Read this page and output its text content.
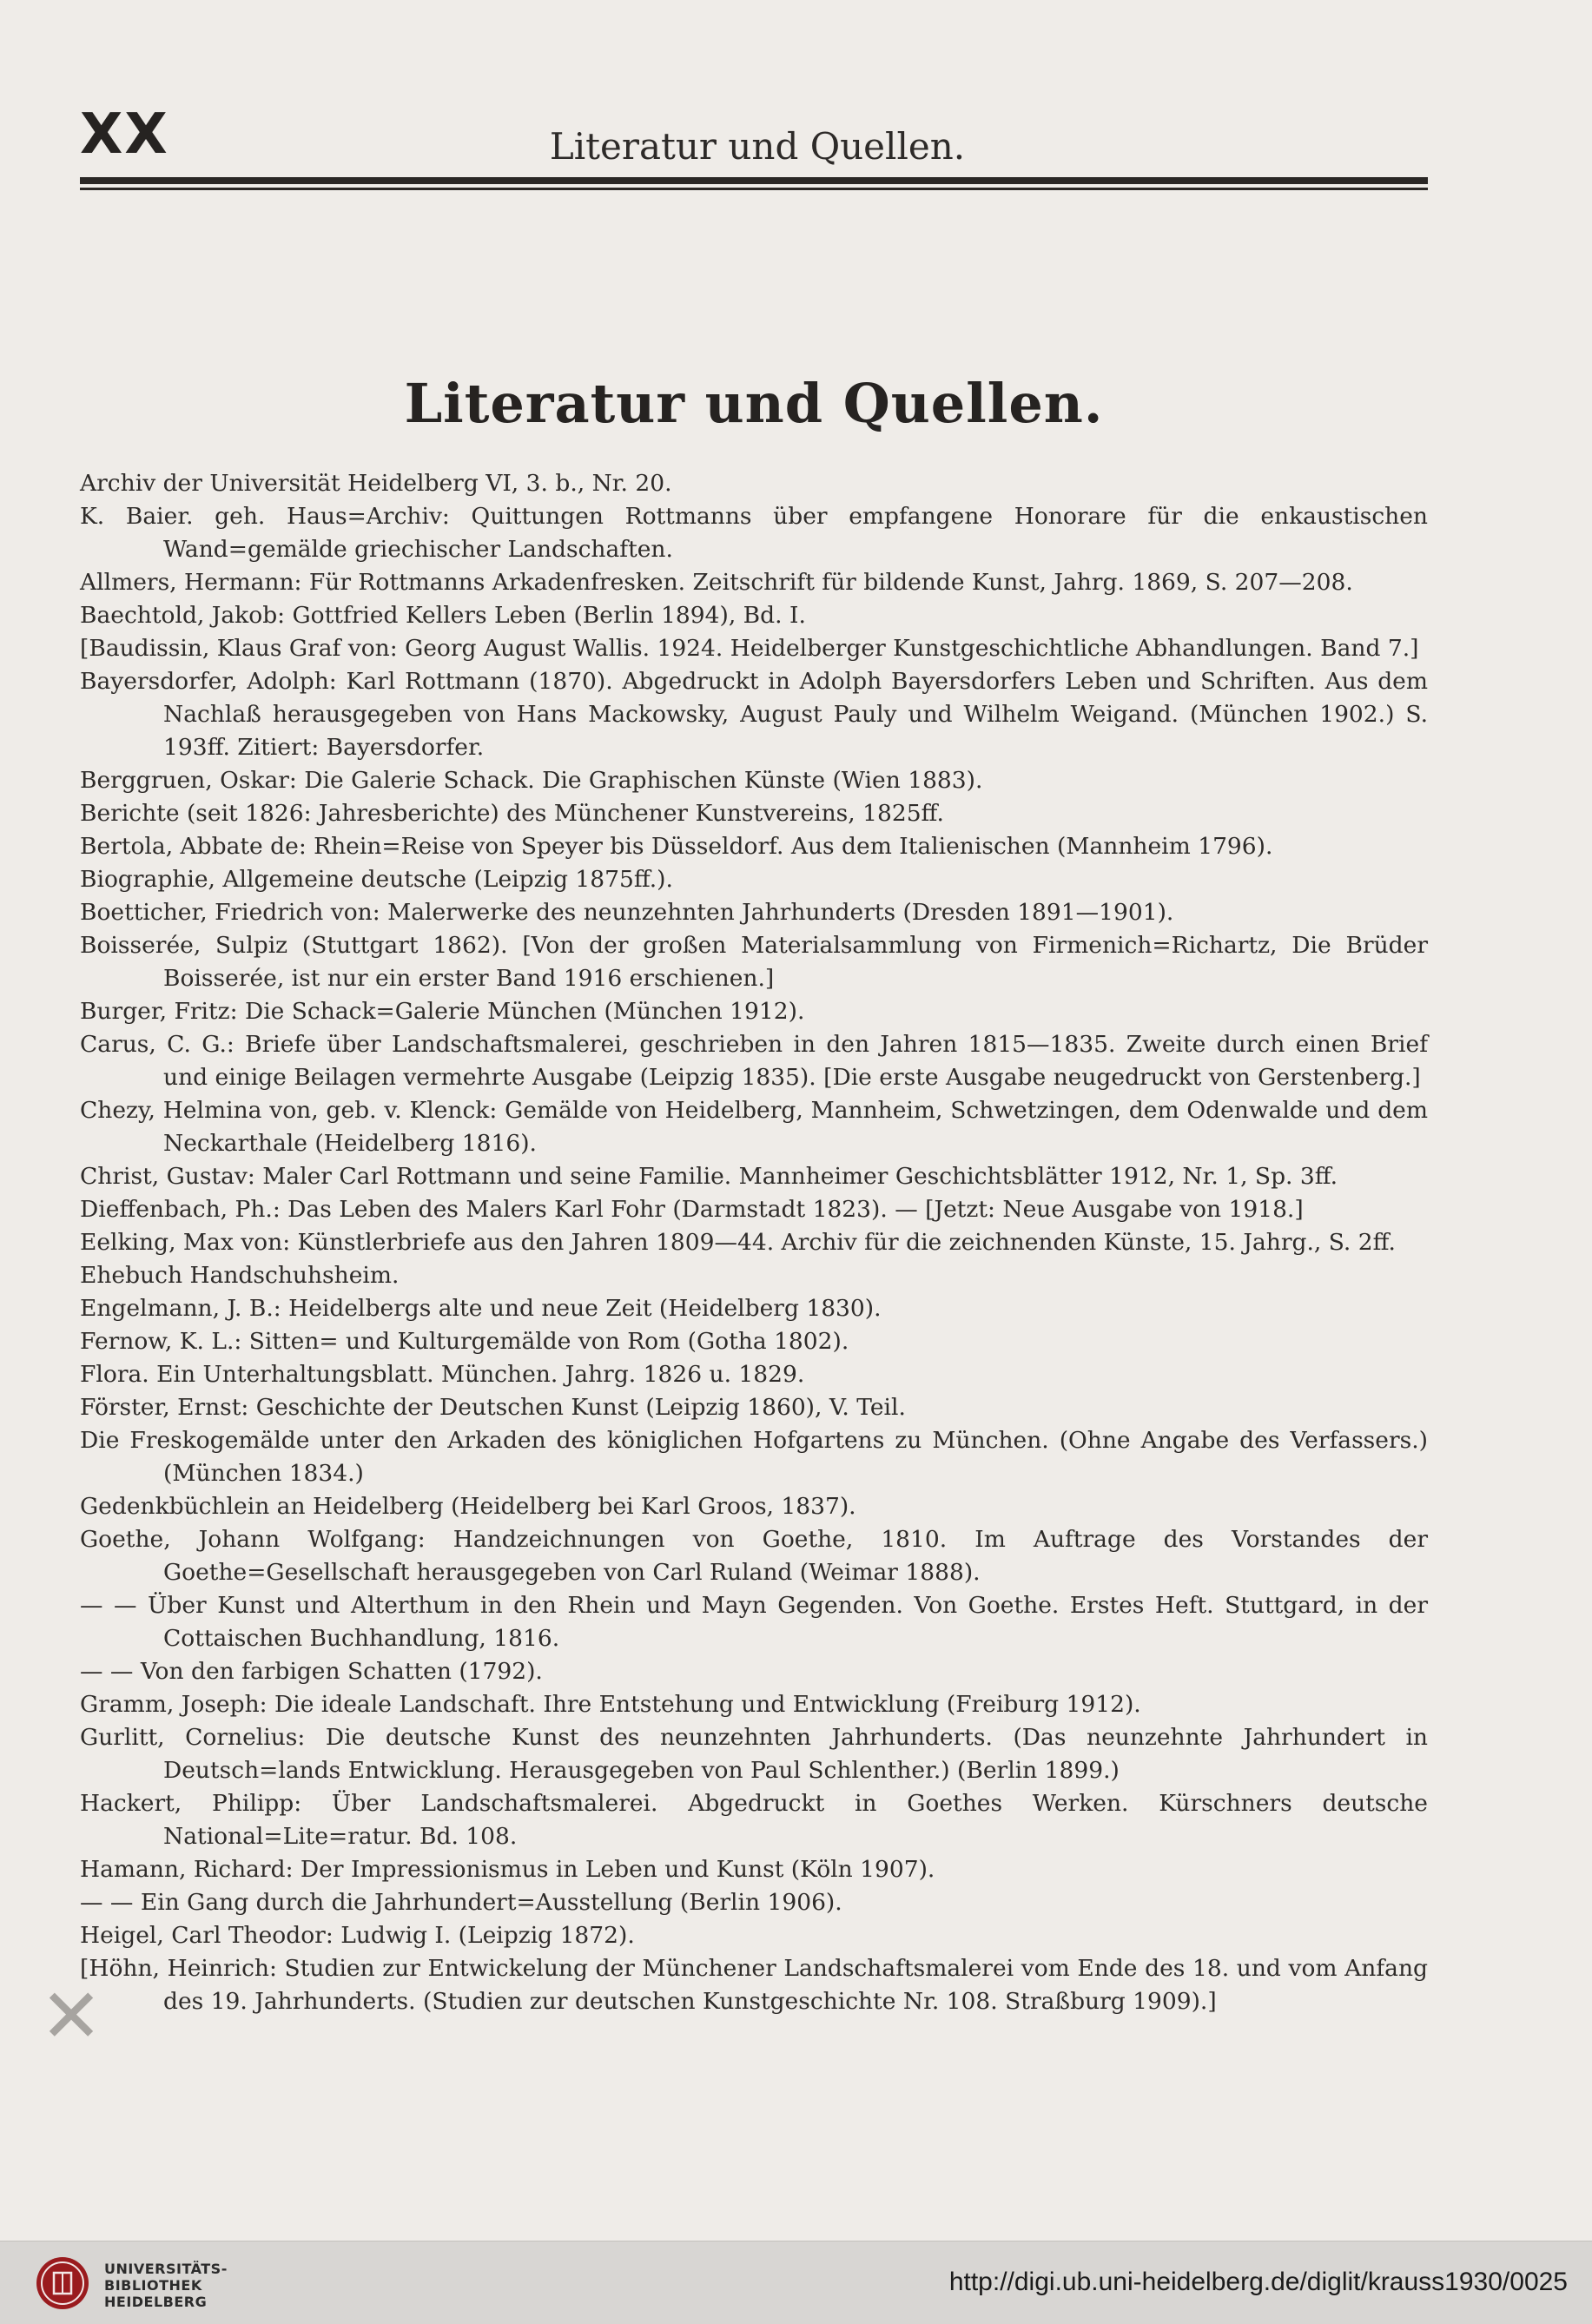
XX	Literatur und Quellen.
Literatur und Quellen.

Archiv der Universität Heidelberg VI, 3. b., Nr. 20.

K. Baier. geh. Haus=Archiv: Quittungen Rottmanns über empfangene Honorare für die enkaustischen Wand=gemälde griechischer Landschaften.

Allmers, Hermann: Für Rottmanns Arkadenfresken. Zeitschrift für bildende Kunst, Jahrg. 1869, S. 207—208.

Baechtold, Jakob: Gottfried Kellers Leben (Berlin 1894), Bd. I.

[Baudissin, Klaus Graf von: Georg August Wallis. 1924. Heidelberger Kunstgeschichtliche Abhandlungen. Band 7.]

Bayersdorfer, Adolph: Karl Rottmann (1870). Abgedruckt in Adolph Bayersdorfers Leben und Schriften. Aus dem Nachlaß herausgegeben von Hans Mackowsky, August Pauly und Wilhelm Weigand. (München 1902.) S. 193ff. Zitiert: Bayersdorfer.

Berggruen, Oskar: Die Galerie Schack. Die Graphischen Künste (Wien 1883).

Berichte (seit 1826: Jahresberichte) des Münchener Kunstvereins, 1825ff.

Bertola, Abbate de: Rhein=Reise von Speyer bis Düsseldorf. Aus dem Italienischen (Mannheim 1796).

Biographie, Allgemeine deutsche (Leipzig 1875ff.).

Boetticher, Friedrich von: Malerwerke des neunzehnten Jahrhunderts (Dresden 1891—1901).

Boisserée, Sulpiz (Stuttgart 1862). [Von der großen Materialsammlung von Firmenich=Richartz, Die Brüder Boisserée, ist nur ein erster Band 1916 erschienen.]

Burger, Fritz: Die Schack=Galerie München (München 1912).

Carus, C. G.: Briefe über Landschaftsmalerei, geschrieben in den Jahren 1815—1835. Zweite durch einen Brief und einige Beilagen vermehrte Ausgabe (Leipzig 1835). [Die erste Ausgabe neugedruckt von Gerstenberg.]

Chezy, Helmina von, geb. v. Klenck: Gemälde von Heidelberg, Mannheim, Schwetzingen, dem Odenwalde und dem Neckarthale (Heidelberg 1816).

Christ, Gustav: Maler Carl Rottmann und seine Familie. Mannheimer Geschichtsblätter 1912, Nr. 1, Sp. 3ff.

Dieffenbach, Ph.: Das Leben des Malers Karl Fohr (Darmstadt 1823). — [Jetzt: Neue Ausgabe von 1918.]

Eelking, Max von: Künstlerbriefe aus den Jahren 1809—44. Archiv für die zeichnenden Künste, 15. Jahrg., S. 2ff.

Ehebuch Handschuhsheim.

Engelmann, J. B.: Heidelbergs alte und neue Zeit (Heidelberg 1830).

Fernow, K. L.: Sitten= und Kulturgemälde von Rom (Gotha 1802).

Flora. Ein Unterhaltungsblatt. München. Jahrg. 1826 u. 1829.

Förster, Ernst: Geschichte der Deutschen Kunst (Leipzig 1860), V. Teil.

Die Freskogemälde unter den Arkaden des königlichen Hofgartens zu München. (Ohne Angabe des Verfassers.) (München 1834.)

Gedenkbüchlein an Heidelberg (Heidelberg bei Karl Groos, 1837).

Goethe, Johann Wolfgang: Handzeichnungen von Goethe, 1810. Im Auftrage des Vorstandes der Goethe=Gesellschaft herausgegeben von Carl Ruland (Weimar 1888).

— — Über Kunst und Alterthum in den Rhein und Mayn Gegenden. Von Goethe. Erstes Heft. Stuttgard, in der Cottaischen Buchhandlung, 1816.

— — Von den farbigen Schatten (1792).

Gramm, Joseph: Die ideale Landschaft. Ihre Entstehung und Entwicklung (Freiburg 1912).

Gurlitt, Cornelius: Die deutsche Kunst des neunzehnten Jahrhunderts. (Das neunzehnte Jahrhundert in Deutsch=lands Entwicklung. Herausgegeben von Paul Schlenther.) (Berlin 1899.)

Hackert, Philipp: Über Landschaftsmalerei. Abgedruckt in Goethes Werken. Kürschners deutsche National=Lite=ratur. Bd. 108.

Hamann, Richard: Der Impressionismus in Leben und Kunst (Köln 1907).

— — Ein Gang durch die Jahrhundert=Ausstellung (Berlin 1906).

Heigel, Carl Theodor: Ludwig I. (Leipzig 1872).

[Höhn, Heinrich: Studien zur Entwickelung der Münchener Landschaftsmalerei vom Ende des 18. und vom Anfang des 19. Jahrhunderts. (Studien zur deutschen Kunstgeschichte Nr. 108. Straßburg 1909).]

✕
UNIVERSITÄTS-
BIBLIOTHEK
HEIDELBERG
http://digi.ub.uni-heidelberg.de/diglit/krauss1930/0025
